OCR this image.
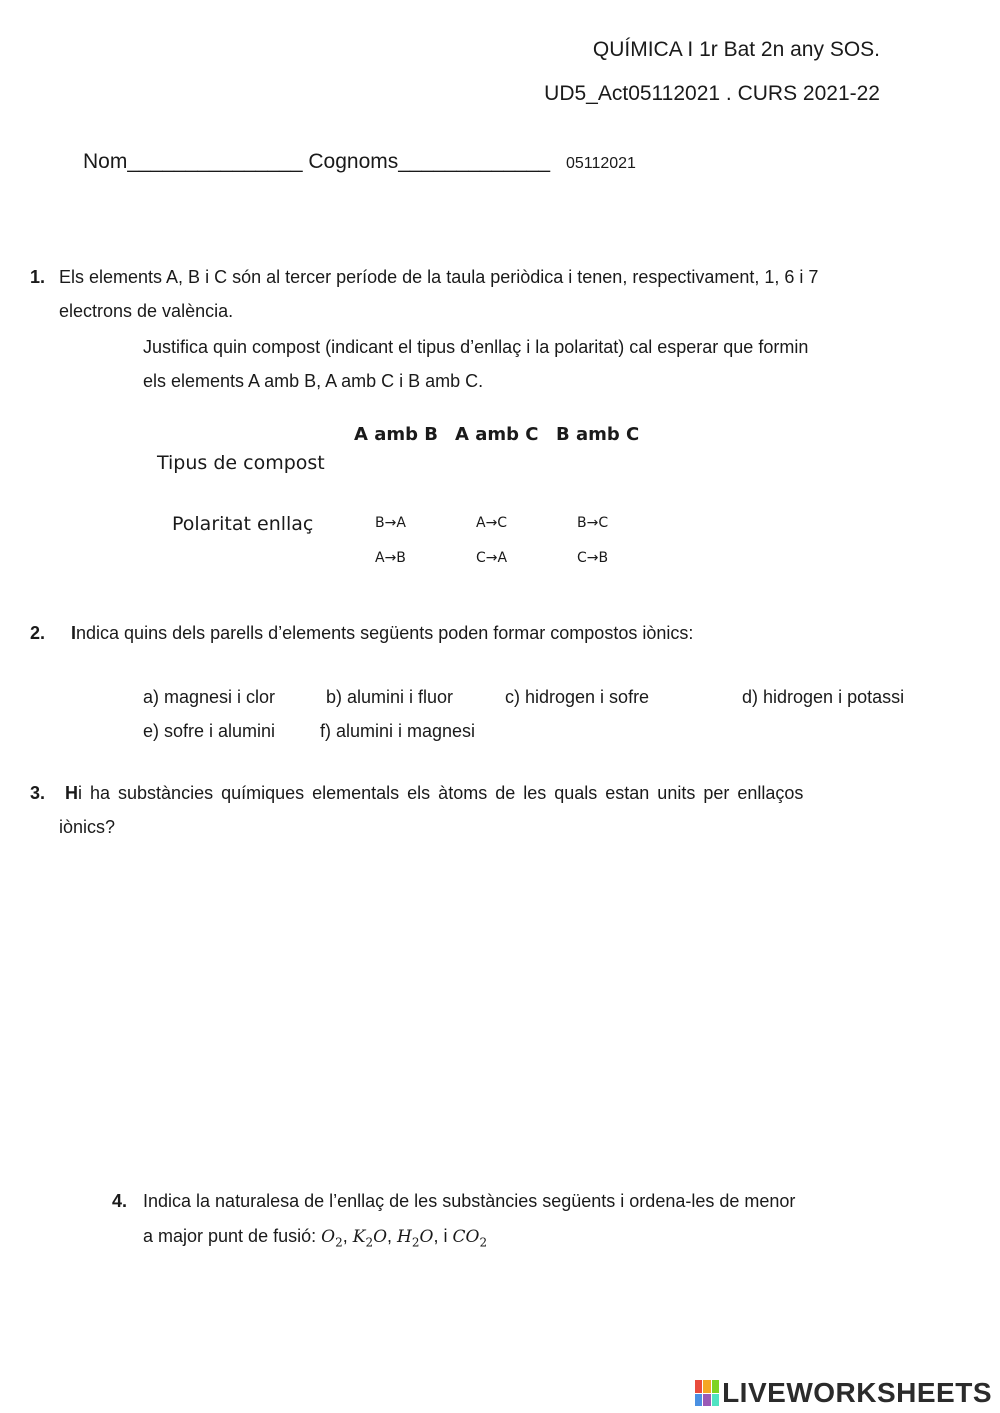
QUÍMICA I 1r Bat 2n any SOS.
UD5_Act05112021 . CURS 2021-22
Nom_______________ Cognoms_____________ 05112021
1. Els elements A, B i C són al tercer període de la taula periòdica i tenen, respectivament, 1, 6 i 7
electrons de valència.
Justifica quin compost (indicant el tipus d’enllaç i la polaritat) cal esperar que formin
els elements A amb B, A amb C i B amb C.
A amb B A amb C B amb C
Tipus de compost
Polaritat enllaç	B→A	A→C	B→C
A→B	C→A	C→B
2. Indica quins dels parells d’elements següents poden formar compostos iònics:
a) magnesi i clor	b) alumini i fluor	c) hidrogen i sofre	d) hidrogen i potassi
e) sofre i alumini f) alumini i magnesi
3. Hi ha substàncies químiques elementals els àtoms de les quals estan units per enllaços
iònics?
4. Indica la naturalesa de l’enllaç de les substàncies següents i ordena-les de menor
a major punt de fusió: $O_2$, $K_2O$, $H_2O$, i $CO_2$
LIVEWORKSHEETS
